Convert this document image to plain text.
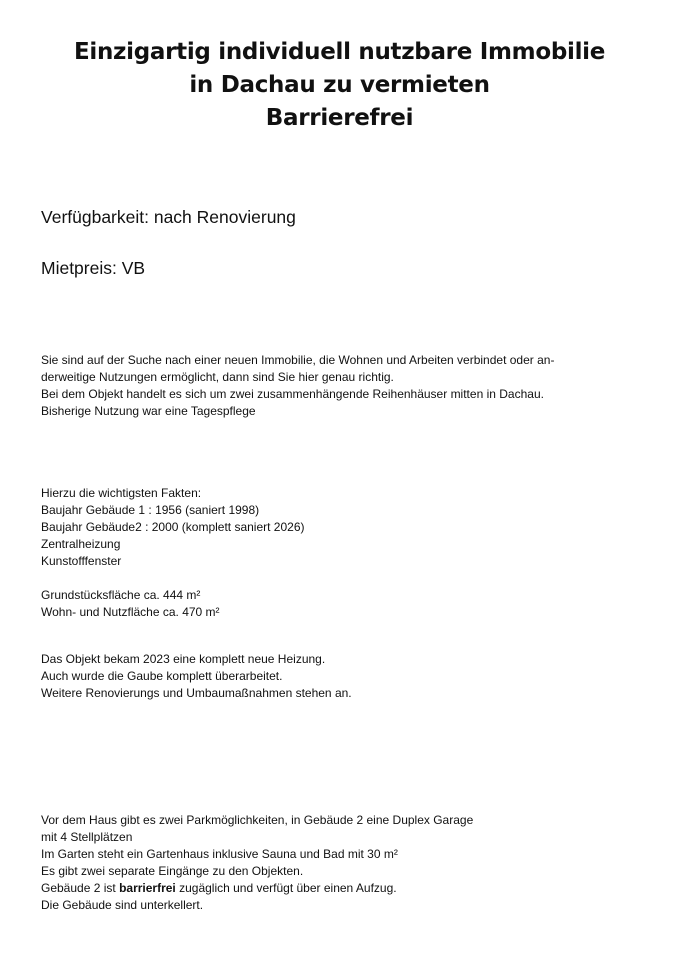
Einzigartig individuell nutzbare Immobilie
in Dachau zu vermieten
Barrierefrei
Verfügbarkeit: nach Renovierung
Mietpreis: VB
Sie sind auf der Suche nach einer neuen Immobilie, die Wohnen und Arbeiten verbindet oder an-
derweitige Nutzungen ermöglicht, dann sind Sie hier genau richtig.
Bei dem Objekt handelt es sich um zwei zusammenhängende Reihenhäuser mitten in Dachau.
Bisherige Nutzung war eine Tagespflege
Hierzu die wichtigsten Fakten:
Baujahr Gebäude 1 : 1956 (saniert 1998)
Baujahr Gebäude2 : 2000 (komplett saniert 2026)
Zentralheizung
Kunstofffenster
Grundstücksfläche ca. 444 m²
Wohn- und Nutzfläche ca. 470 m²
Das Objekt bekam 2023 eine komplett neue Heizung.
Auch wurde die Gaube komplett überarbeitet.
Weitere Renovierungs und Umbaumaßnahmen stehen an.
Vor dem Haus gibt es zwei Parkmöglichkeiten, in Gebäude 2 eine Duplex Garage
mit 4 Stellplätzen
Im Garten steht ein Gartenhaus inklusive Sauna und Bad mit 30 m²
Es gibt zwei separate Eingänge zu den Objekten.
Gebäude 2 ist barrierfrei zugäglich und verfügt über einen Aufzug.
Die Gebäude sind unterkellert.
